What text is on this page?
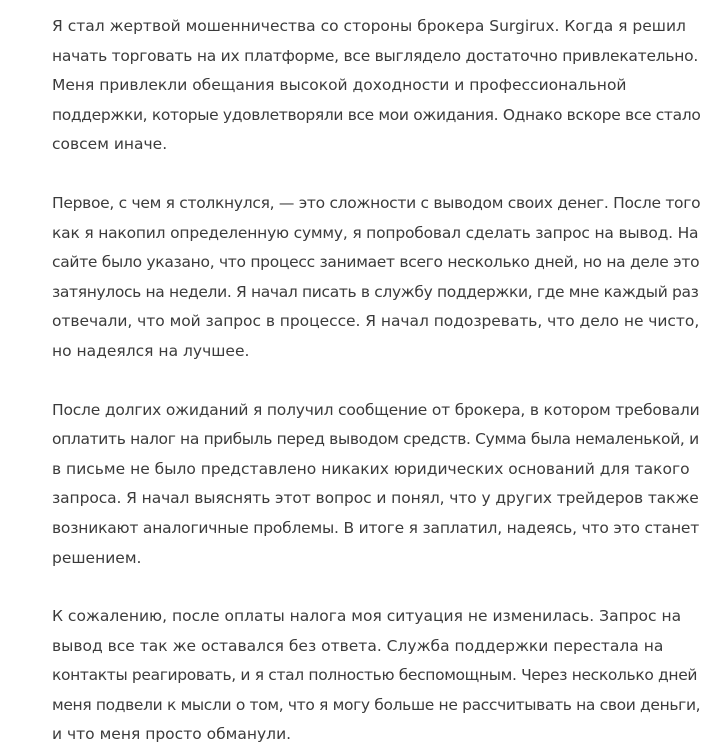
Я стал жертвой мошенничества со стороны брокера Surgirux. Когда я решил
начать торговать на их платформе, все выглядело достаточно привлекательно.
Меня привлекли обещания высокой доходности и профессиональной
поддержки, которые удовлетворяли все мои ожидания. Однако вскоре все стало
совсем иначе.

Первое, с чем я столкнулся, — это сложности с выводом своих денег. После того
как я накопил определенную сумму, я попробовал сделать запрос на вывод. На
сайте было указано, что процесс занимает всего несколько дней, но на деле это
затянулось на недели. Я начал писать в службу поддержки, где мне каждый раз
отвечали, что мой запрос в процессе. Я начал подозревать, что дело не чисто,
но надеялся на лучшее.

После долгих ожиданий я получил сообщение от брокера, в котором требовали
оплатить налог на прибыль перед выводом средств. Сумма была немаленькой, и
в письме не было представлено никаких юридических оснований для такого
запроса. Я начал выяснять этот вопрос и понял, что у других трейдеров также
возникают аналогичные проблемы. В итоге я заплатил, надеясь, что это станет
решением.

К сожалению, после оплаты налога моя ситуация не изменилась. Запрос на
вывод все так же оставался без ответа. Служба поддержки перестала на
контакты реагировать, и я стал полностью беспомощным. Через несколько дней
меня подвели к мысли о том, что я могу больше не рассчитывать на свои деньги,
и что меня просто обманули.
